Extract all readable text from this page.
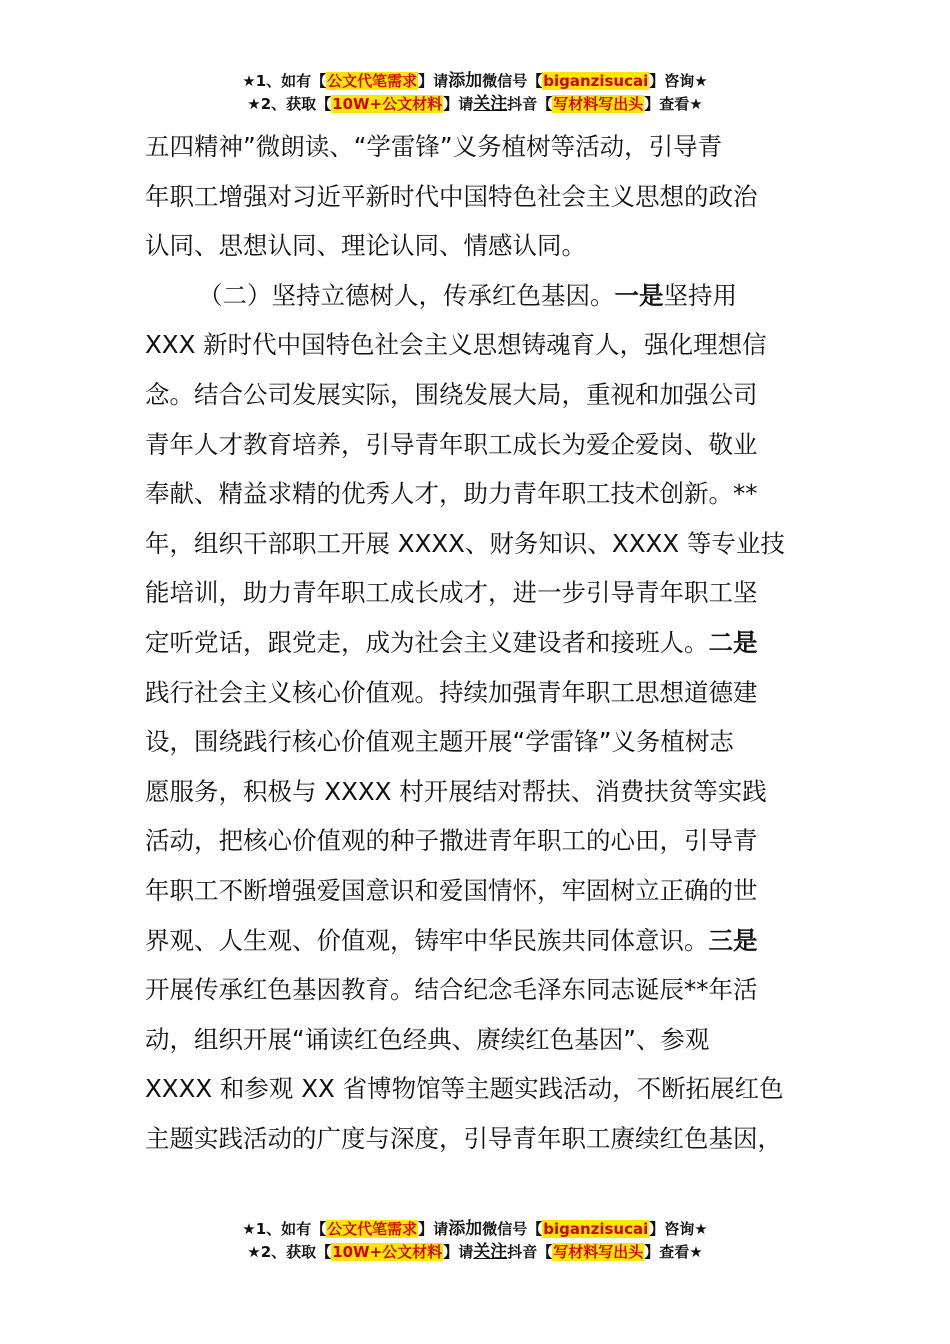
★1、如有【公文代笔需求】请添加微信号【biganzisucai】咨询★
★2、获取【10W+公文材料】请关注抖音【写材料写出头】查看★
五四精神”微朗读、“学雷锋”义务植树等活动，引导青
年职工增强对习近平新时代中国特色社会主义思想的政治
认同、思想认同、理论认同、情感认同。
（二）坚持立德树人，传承红色基因。一是坚持用
XXX 新时代中国特色社会主义思想铸魂育人，强化理想信
念。结合公司发展实际，围绕发展大局，重视和加强公司
青年人才教育培养，引导青年职工成长为爱企爱岗、敬业
奉献、精益求精的优秀人才，助力青年职工技术创新。**
年，组织干部职工开展 XXXX、财务知识、XXXX 等专业技
能培训，助力青年职工成长成才，进一步引导青年职工坚
定听党话，跟党走，成为社会主义建设者和接班人。二是
践行社会主义核心价值观。持续加强青年职工思想道德建
设，围绕践行核心价值观主题开展“学雷锋”义务植树志
愿服务，积极与 XXXX 村开展结对帮扶、消费扶贫等实践
活动，把核心价值观的种子撒进青年职工的心田，引导青
年职工不断增强爱国意识和爱国情怀，牢固树立正确的世
界观、人生观、价值观，铸牢中华民族共同体意识。三是
开展传承红色基因教育。结合纪念毛泽东同志诞辰**年活
动，组织开展“诵读红色经典、赓续红色基因”、参观
XXXX 和参观 XX 省博物馆等主题实践活动，不断拓展红色
主题实践活动的广度与深度，引导青年职工赓续红色基因，
★1、如有【公文代笔需求】请添加微信号【biganzisucai】咨询★
★2、获取【10W+公文材料】请关注抖音【写材料写出头】查看★
